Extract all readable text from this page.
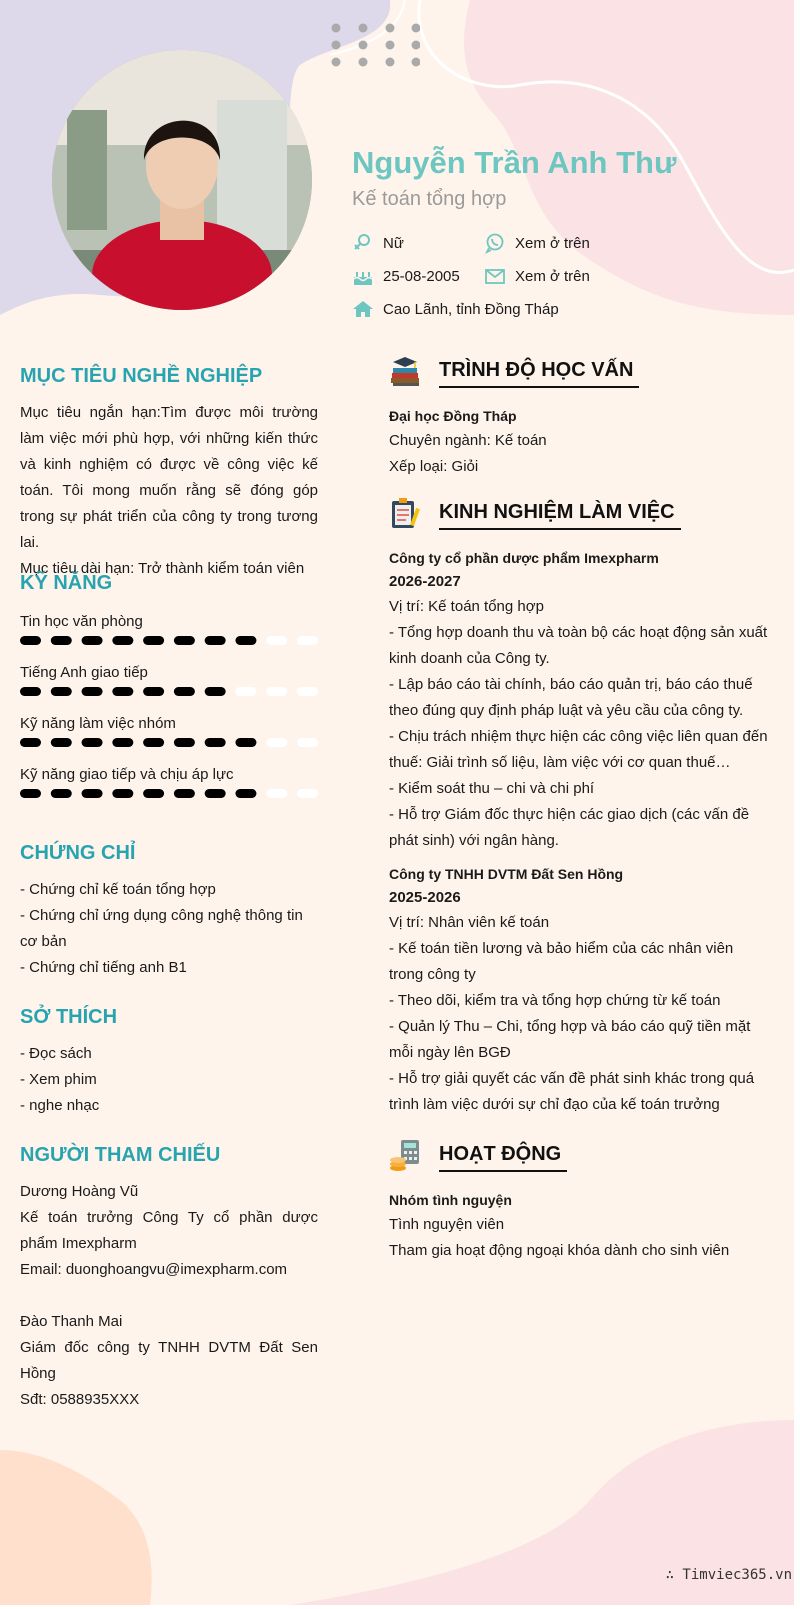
Nguyễn Trần Anh Thư
Kế toán tổng hợp
Nữ	Xem ở trên
25-08-2005	Xem ở trên
Cao Lãnh, tỉnh Đồng Tháp
MỤC TIÊU NGHỀ NGHIỆP
Mục tiêu ngắn hạn:Tìm được môi trường làm việc mới phù hợp, với những kiến thức và kinh nghiệm có được về công việc kế toán. Tôi mong muốn rằng sẽ đóng góp trong sự phát triển của công ty trong tương lai.
Mục tiêu dài hạn: Trở thành kiểm toán viên
KỸ NĂNG
Tin học văn phòng
Tiếng Anh giao tiếp
Kỹ năng làm việc nhóm
Kỹ năng giao tiếp và chịu áp lực
CHỨNG CHỈ
- Chứng chỉ kế toán tổng hợp
- Chứng chỉ ứng dụng công nghệ thông tin cơ bản
- Chứng chỉ tiếng anh B1
SỞ THÍCH
- Đọc sách
- Xem phim
- nghe nhạc
NGƯỜI THAM CHIẾU
Dương Hoàng Vũ
Kế toán trưởng Công Ty cổ phần dược phẩm Imexpharm
Email: duonghoangvu@imexpharm.com
Đào Thanh Mai
Giám đốc công ty TNHH DVTM Đất Sen Hồng
Sđt: 0588935XXX
TRÌNH ĐỘ HỌC VẤN
Đại học Đồng Tháp
Chuyên ngành: Kế toán
Xếp loại: Giỏi
KINH NGHIỆM LÀM VIỆC
Công ty cổ phần dược phẩm Imexpharm
2026-2027
Vị trí: Kế toán tổng hợp
- Tổng hợp doanh thu và toàn bộ các hoạt động sản xuất kinh doanh của Công ty.
- Lập báo cáo tài chính, báo cáo quản trị, báo cáo thuế theo đúng quy định pháp luật và yêu cầu của công ty.
- Chịu trách nhiệm thực hiện các công việc liên quan đến thuế: Giải trình số liệu, làm việc với cơ quan thuế…
- Kiểm soát thu – chi và chi phí
- Hỗ trợ Giám đốc thực hiện các giao dịch (các vấn đề phát sinh) với ngân hàng.
Công ty TNHH DVTM Đất Sen Hồng
2025-2026
Vị trí: Nhân viên kế toán
- Kế toán tiền lương và bảo hiểm của các nhân viên trong công ty
- Theo dõi, kiểm tra và tổng hợp chứng từ kế toán
- Quản lý Thu – Chi, tổng hợp và báo cáo quỹ tiền mặt mỗi ngày lên BGĐ
- Hỗ trợ giải quyết các vấn đề phát sinh khác trong quá trình làm việc dưới sự chỉ đạo của kế toán trưởng
HOẠT ĐỘNG
Nhóm tình nguyện
Tình nguyện viên
Tham gia hoạt động ngoại khóa dành cho sinh viên
∴ Timviec365.vn
